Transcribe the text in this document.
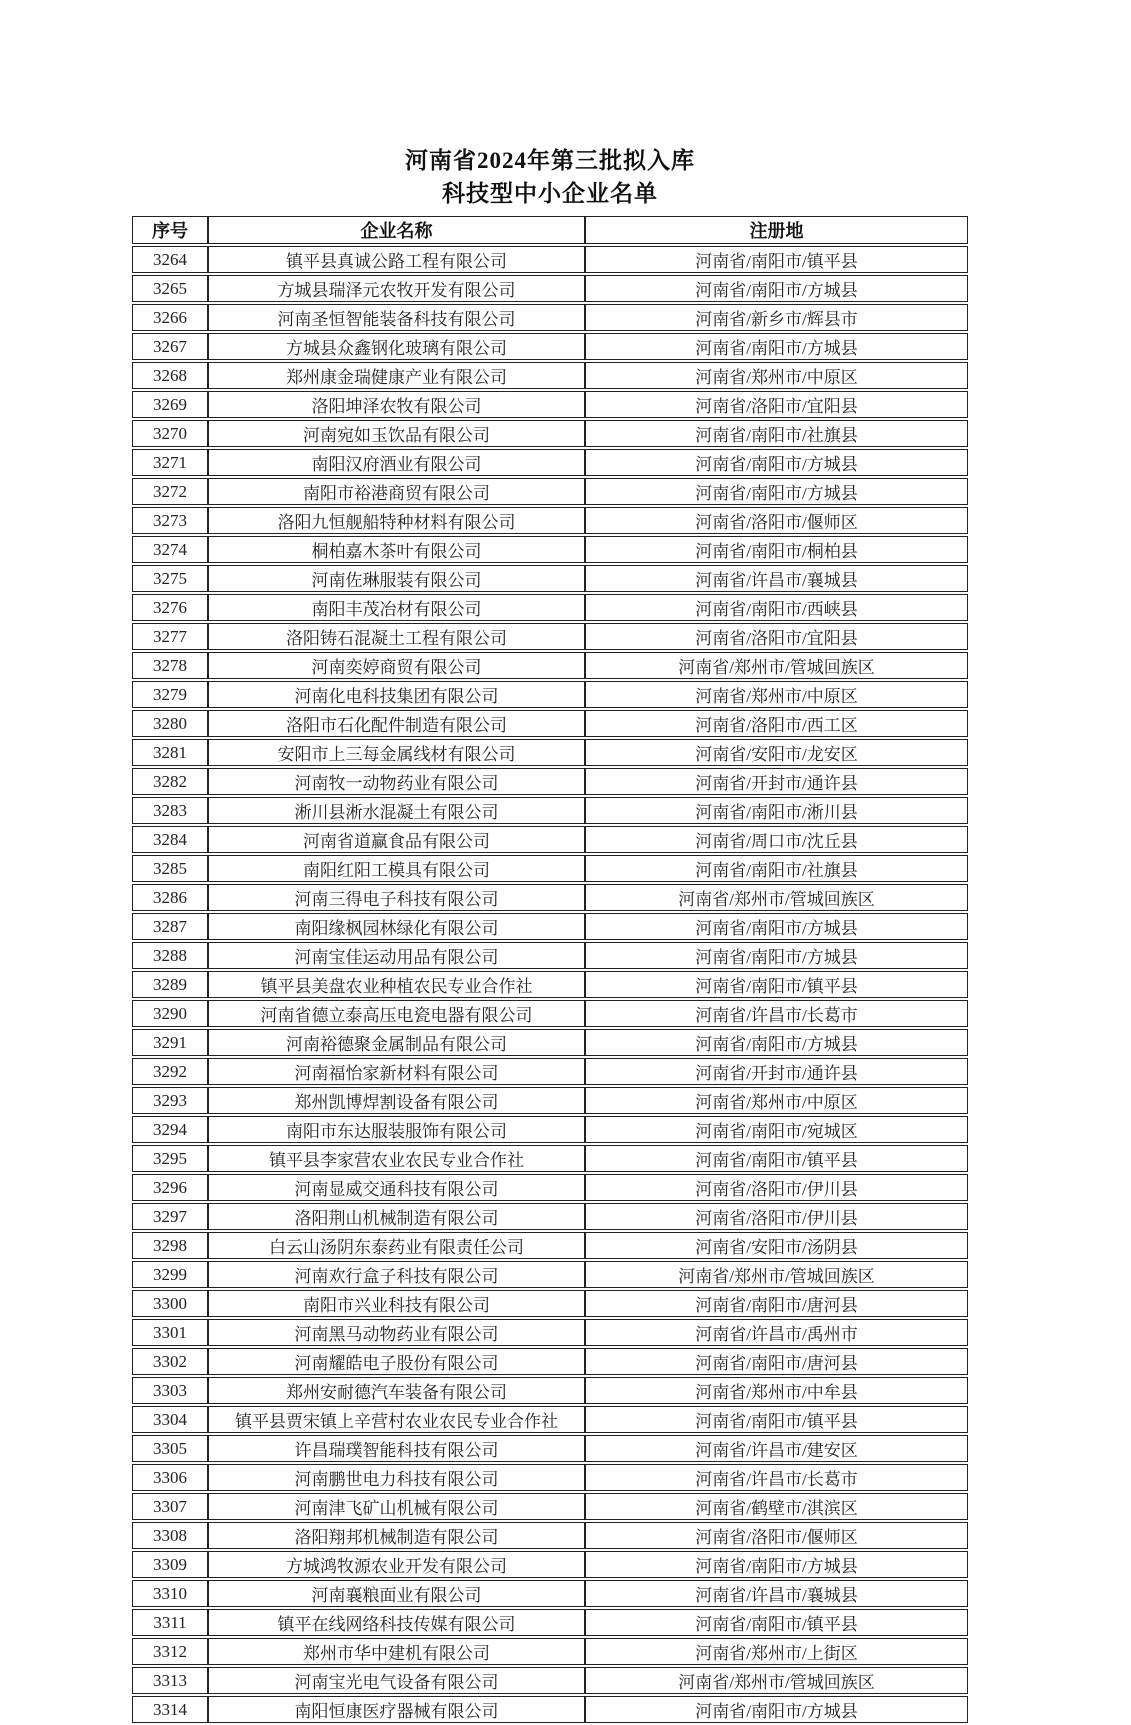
河南省2024年第三批拟入库
科技型中小企业名单
序号	企业名称	注册地
3264	镇平县真诚公路工程有限公司	河南省/南阳市/镇平县
3265	方城县瑞泽元农牧开发有限公司	河南省/南阳市/方城县
3266	河南圣恒智能装备科技有限公司	河南省/新乡市/辉县市
3267	方城县众鑫钢化玻璃有限公司	河南省/南阳市/方城县
3268	郑州康金瑞健康产业有限公司	河南省/郑州市/中原区
3269	洛阳坤泽农牧有限公司	河南省/洛阳市/宜阳县
3270	河南宛如玉饮品有限公司	河南省/南阳市/社旗县
3271	南阳汉府酒业有限公司	河南省/南阳市/方城县
3272	南阳市裕港商贸有限公司	河南省/南阳市/方城县
3273	洛阳九恒舰船特种材料有限公司	河南省/洛阳市/偃师区
3274	桐柏嘉木茶叶有限公司	河南省/南阳市/桐柏县
3275	河南佐琳服装有限公司	河南省/许昌市/襄城县
3276	南阳丰茂冶材有限公司	河南省/南阳市/西峡县
3277	洛阳铸石混凝土工程有限公司	河南省/洛阳市/宜阳县
3278	河南奕婷商贸有限公司	河南省/郑州市/管城回族区
3279	河南化电科技集团有限公司	河南省/郑州市/中原区
3280	洛阳市石化配件制造有限公司	河南省/洛阳市/西工区
3281	安阳市上三每金属线材有限公司	河南省/安阳市/龙安区
3282	河南牧一动物药业有限公司	河南省/开封市/通许县
3283	淅川县淅水混凝土有限公司	河南省/南阳市/淅川县
3284	河南省道赢食品有限公司	河南省/周口市/沈丘县
3285	南阳红阳工模具有限公司	河南省/南阳市/社旗县
3286	河南三得电子科技有限公司	河南省/郑州市/管城回族区
3287	南阳缘枫园林绿化有限公司	河南省/南阳市/方城县
3288	河南宝佳运动用品有限公司	河南省/南阳市/方城县
3289	镇平县美盘农业种植农民专业合作社	河南省/南阳市/镇平县
3290	河南省德立泰高压电瓷电器有限公司	河南省/许昌市/长葛市
3291	河南裕德聚金属制品有限公司	河南省/南阳市/方城县
3292	河南福怡家新材料有限公司	河南省/开封市/通许县
3293	郑州凯博焊割设备有限公司	河南省/郑州市/中原区
3294	南阳市东达服装服饰有限公司	河南省/南阳市/宛城区
3295	镇平县李家营农业农民专业合作社	河南省/南阳市/镇平县
3296	河南显威交通科技有限公司	河南省/洛阳市/伊川县
3297	洛阳荆山机械制造有限公司	河南省/洛阳市/伊川县
3298	白云山汤阴东泰药业有限责任公司	河南省/安阳市/汤阴县
3299	河南欢行盒子科技有限公司	河南省/郑州市/管城回族区
3300	南阳市兴业科技有限公司	河南省/南阳市/唐河县
3301	河南黑马动物药业有限公司	河南省/许昌市/禹州市
3302	河南耀皓电子股份有限公司	河南省/南阳市/唐河县
3303	郑州安耐德汽车装备有限公司	河南省/郑州市/中牟县
3304	镇平县贾宋镇上辛营村农业农民专业合作社	河南省/南阳市/镇平县
3305	许昌瑞璞智能科技有限公司	河南省/许昌市/建安区
3306	河南鹏世电力科技有限公司	河南省/许昌市/长葛市
3307	河南津飞矿山机械有限公司	河南省/鹤壁市/淇滨区
3308	洛阳翔邦机械制造有限公司	河南省/洛阳市/偃师区
3309	方城鸿牧源农业开发有限公司	河南省/南阳市/方城县
3310	河南襄粮面业有限公司	河南省/许昌市/襄城县
3311	镇平在线网络科技传媒有限公司	河南省/南阳市/镇平县
3312	郑州市华中建机有限公司	河南省/郑州市/上街区
3313	河南宝光电气设备有限公司	河南省/郑州市/管城回族区
3314	南阳恒康医疗器械有限公司	河南省/南阳市/方城县
